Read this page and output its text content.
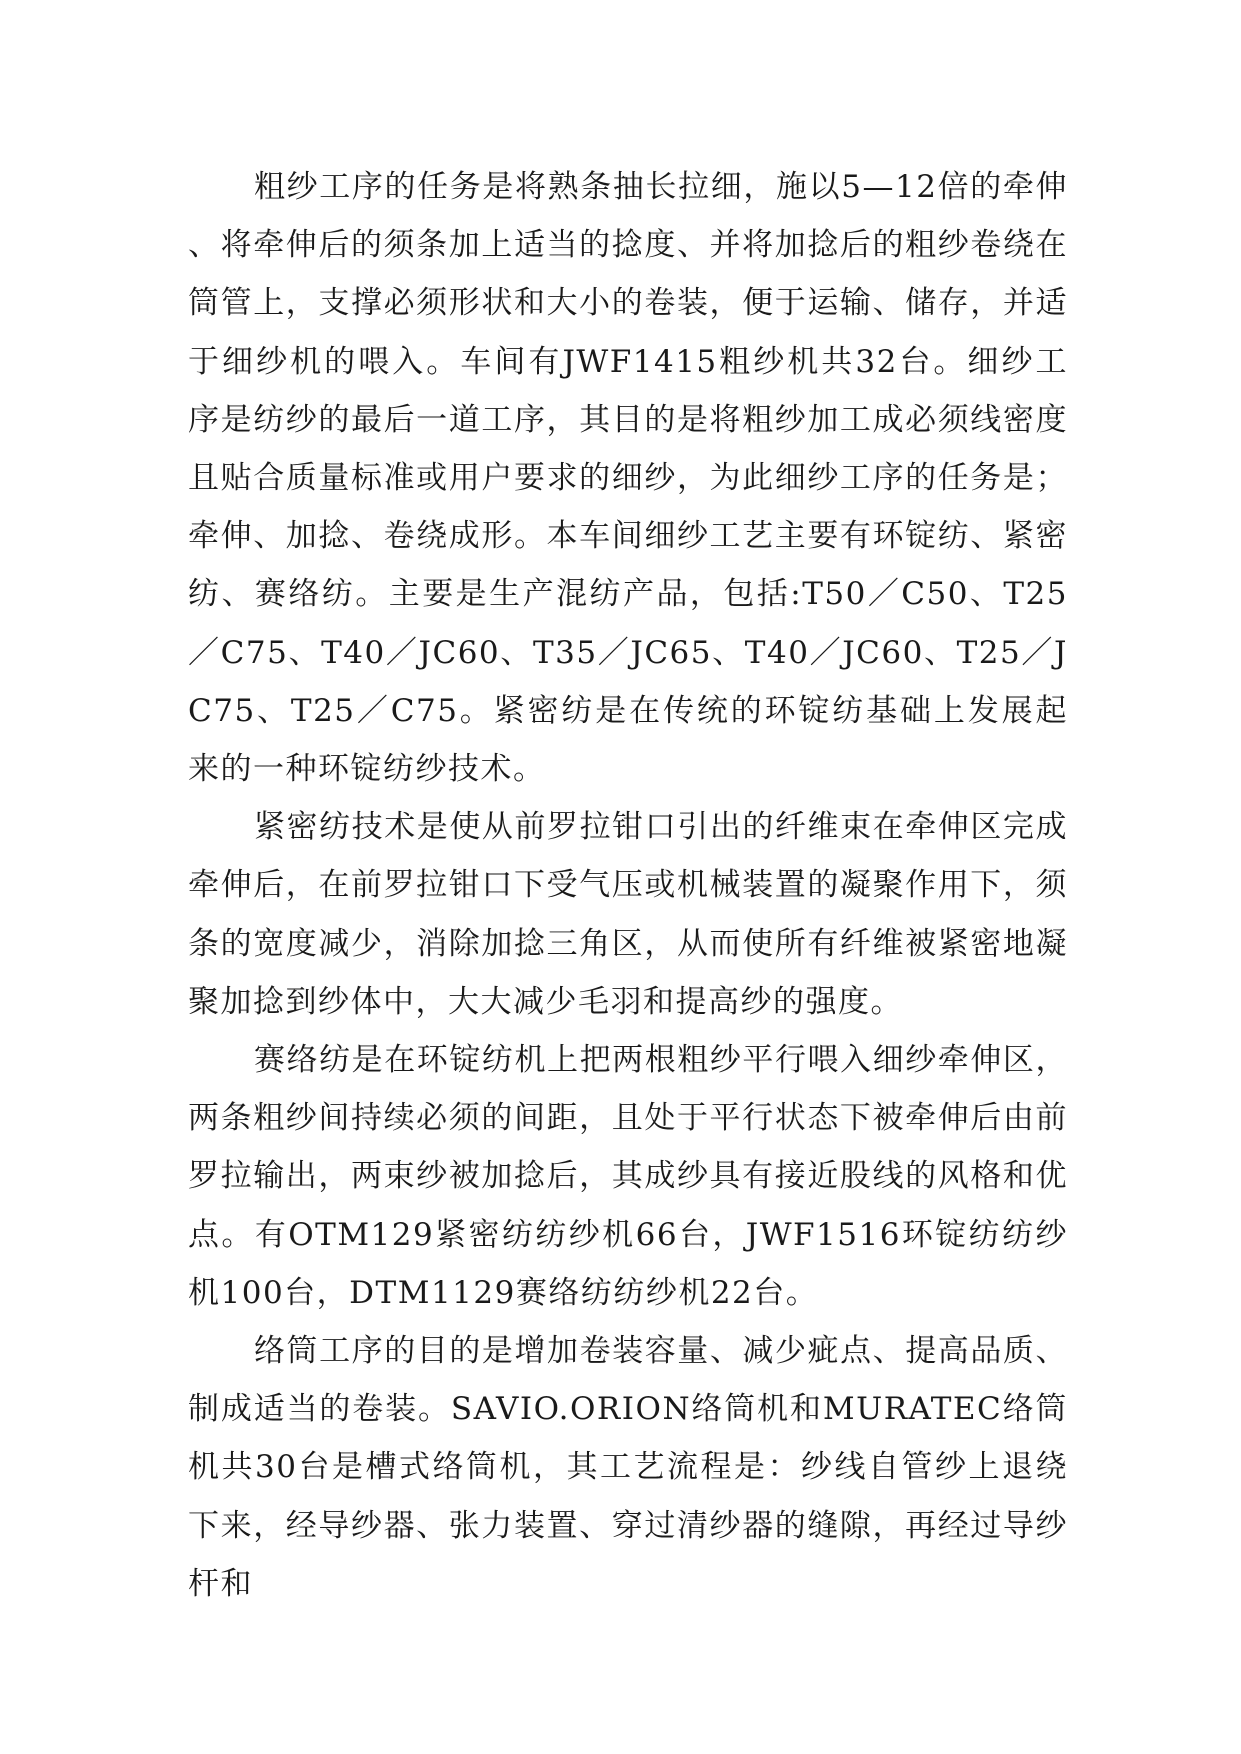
粗纱工序的任务是将熟条抽长拉细，施以5—12倍的牵伸、将牵伸后的须条加上适当的捻度、并将加捻后的粗纱卷绕在筒管上，支撑必须形状和大小的卷装，便于运输、储存，并适于细纱机的喂入。车间有JWF1415粗纱机共32台。细纱工序是纺纱的最后一道工序，其目的是将粗纱加工成必须线密度且贴合质量标准或用户要求的细纱，为此细纱工序的任务是；牵伸、加捻、卷绕成形。本车间细纱工艺主要有环锭纺、紧密纺、赛络纺。主要是生产混纺产品，包括:T50／C50、T25／C75、T40／JC60、T35／JC65、T40／JC60、T25／JC75、T25／C75。紧密纺是在传统的环锭纺基础上发展起来的一种环锭纺纱技术。

紧密纺技术是使从前罗拉钳口引出的纤维束在牵伸区完成牵伸后，在前罗拉钳口下受气压或机械装置的凝聚作用下，须条的宽度减少，消除加捻三角区，从而使所有纤维被紧密地凝聚加捻到纱体中，大大减少毛羽和提高纱的强度。

赛络纺是在环锭纺机上把两根粗纱平行喂入细纱牵伸区，两条粗纱间持续必须的间距，且处于平行状态下被牵伸后由前罗拉输出，两束纱被加捻后，其成纱具有接近股线的风格和优点。有OTM129紧密纺纺纱机66台，JWF1516环锭纺纺纱机100台，DTM1129赛络纺纺纱机22台。

络筒工序的目的是增加卷装容量、减少疵点、提高品质、制成适当的卷装。SAVIO.ORION络筒机和MURATEC络筒机共30台是槽式络筒机，其工艺流程是：纱线自管纱上退绕下来，经导纱器、张力装置、穿过清纱器的缝隙，再经过导纱杆和
